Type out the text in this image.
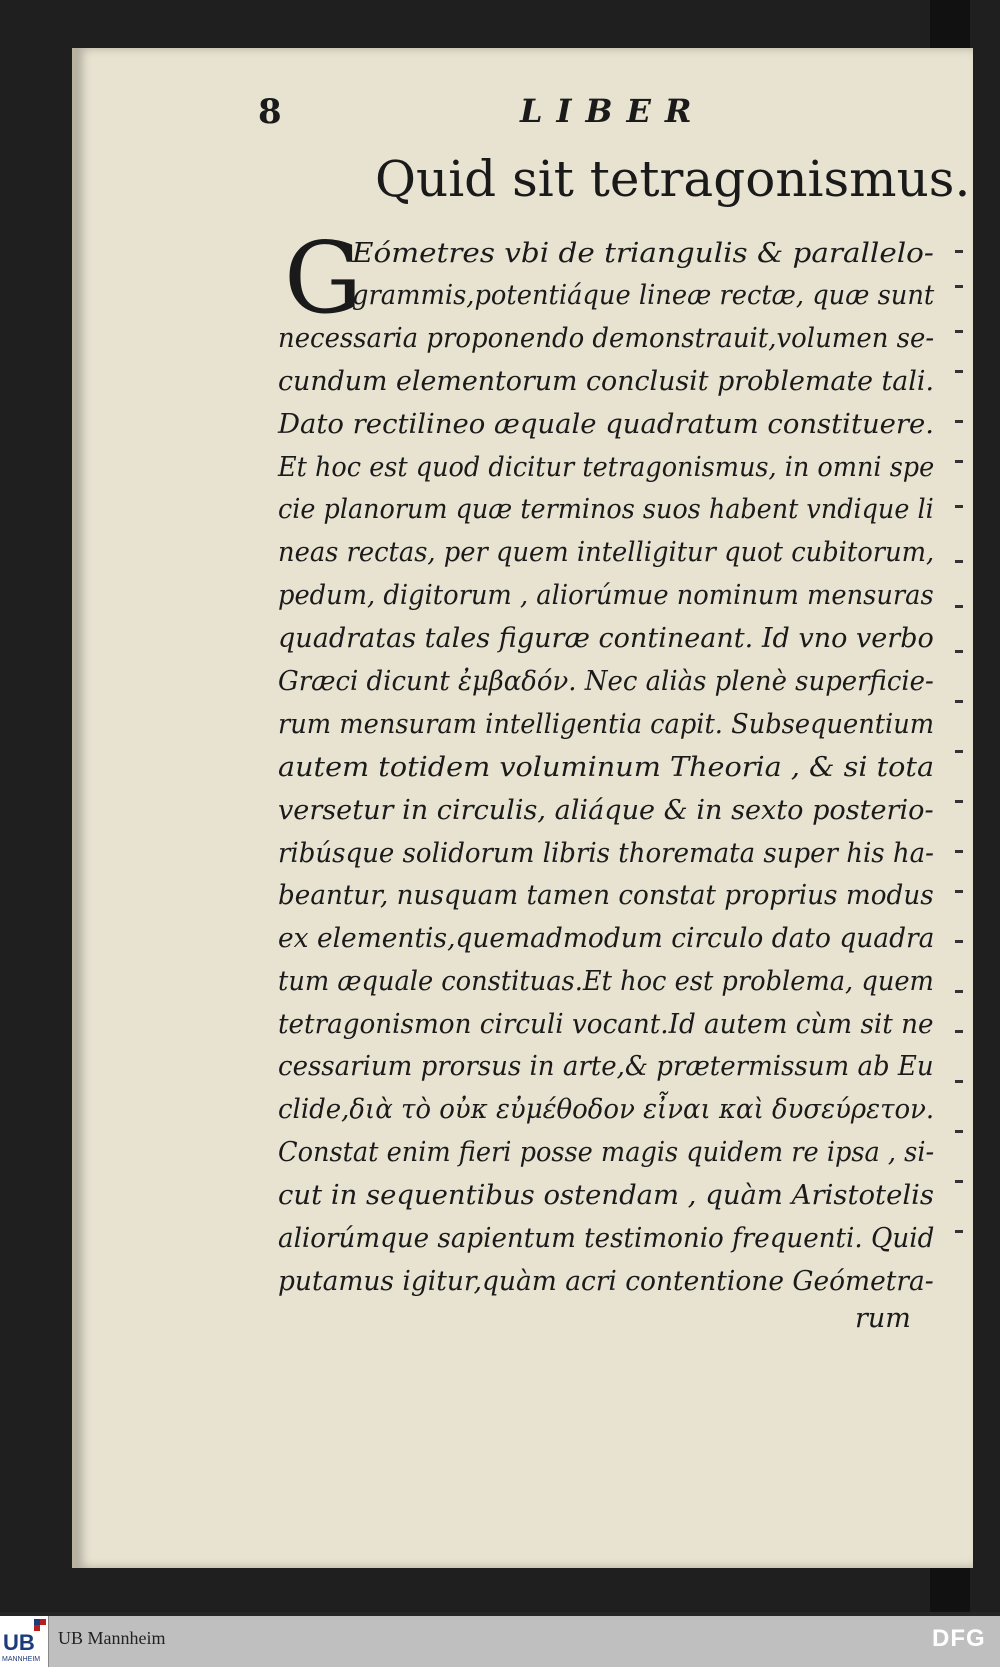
8	LIBER
Quid sit tetragonismus.
G
Eómetres vbi de triangulis & parallelo-
grammis,potentiáque lineæ rectæ, quæ sunt
necessaria proponendo demonstrauit,volumen se-
cundum elementorum conclusit problemate tali.
Dato rectilineo æquale quadratum constituere.
Et hoc est quod dicitur tetragonismus, in omni spe
cie planorum quæ terminos suos habent vndique li
neas rectas, per quem intelligitur quot cubitorum,
pedum, digitorum , aliorúmue nominum mensuras
quadratas tales figuræ contineant. Id vno verbo
Græci dicunt ἐμβαδόν. Nec aliàs plenè superficie-
rum mensuram intelligentia capit. Subsequentium
autem totidem voluminum Theoria , & si tota
versetur in circulis, aliáque & in sexto posterio-
ribúsque solidorum libris thoremata super his ha-
beantur, nusquam tamen constat proprius modus
ex elementis,quemadmodum circulo dato quadra
tum æquale constituas.Et hoc est problema, quem
tetragonismon circuli vocant.Id autem cùm sit ne
cessarium prorsus in arte,& prætermissum ab Eu
clide,διὰ τὸ οὐκ εὐμέθοδον εἶναι καὶ δυσεύρετον.
Constat enim fieri posse magis quidem re ipsa , si-
cut in sequentibus ostendam , quàm Aristotelis
aliorúmque sapientum testimonio frequenti. Quid
putamus igitur,quàm acri contentione Geómetra-
rum
UB
MANNHEIM
UB Mannheim	DFG
